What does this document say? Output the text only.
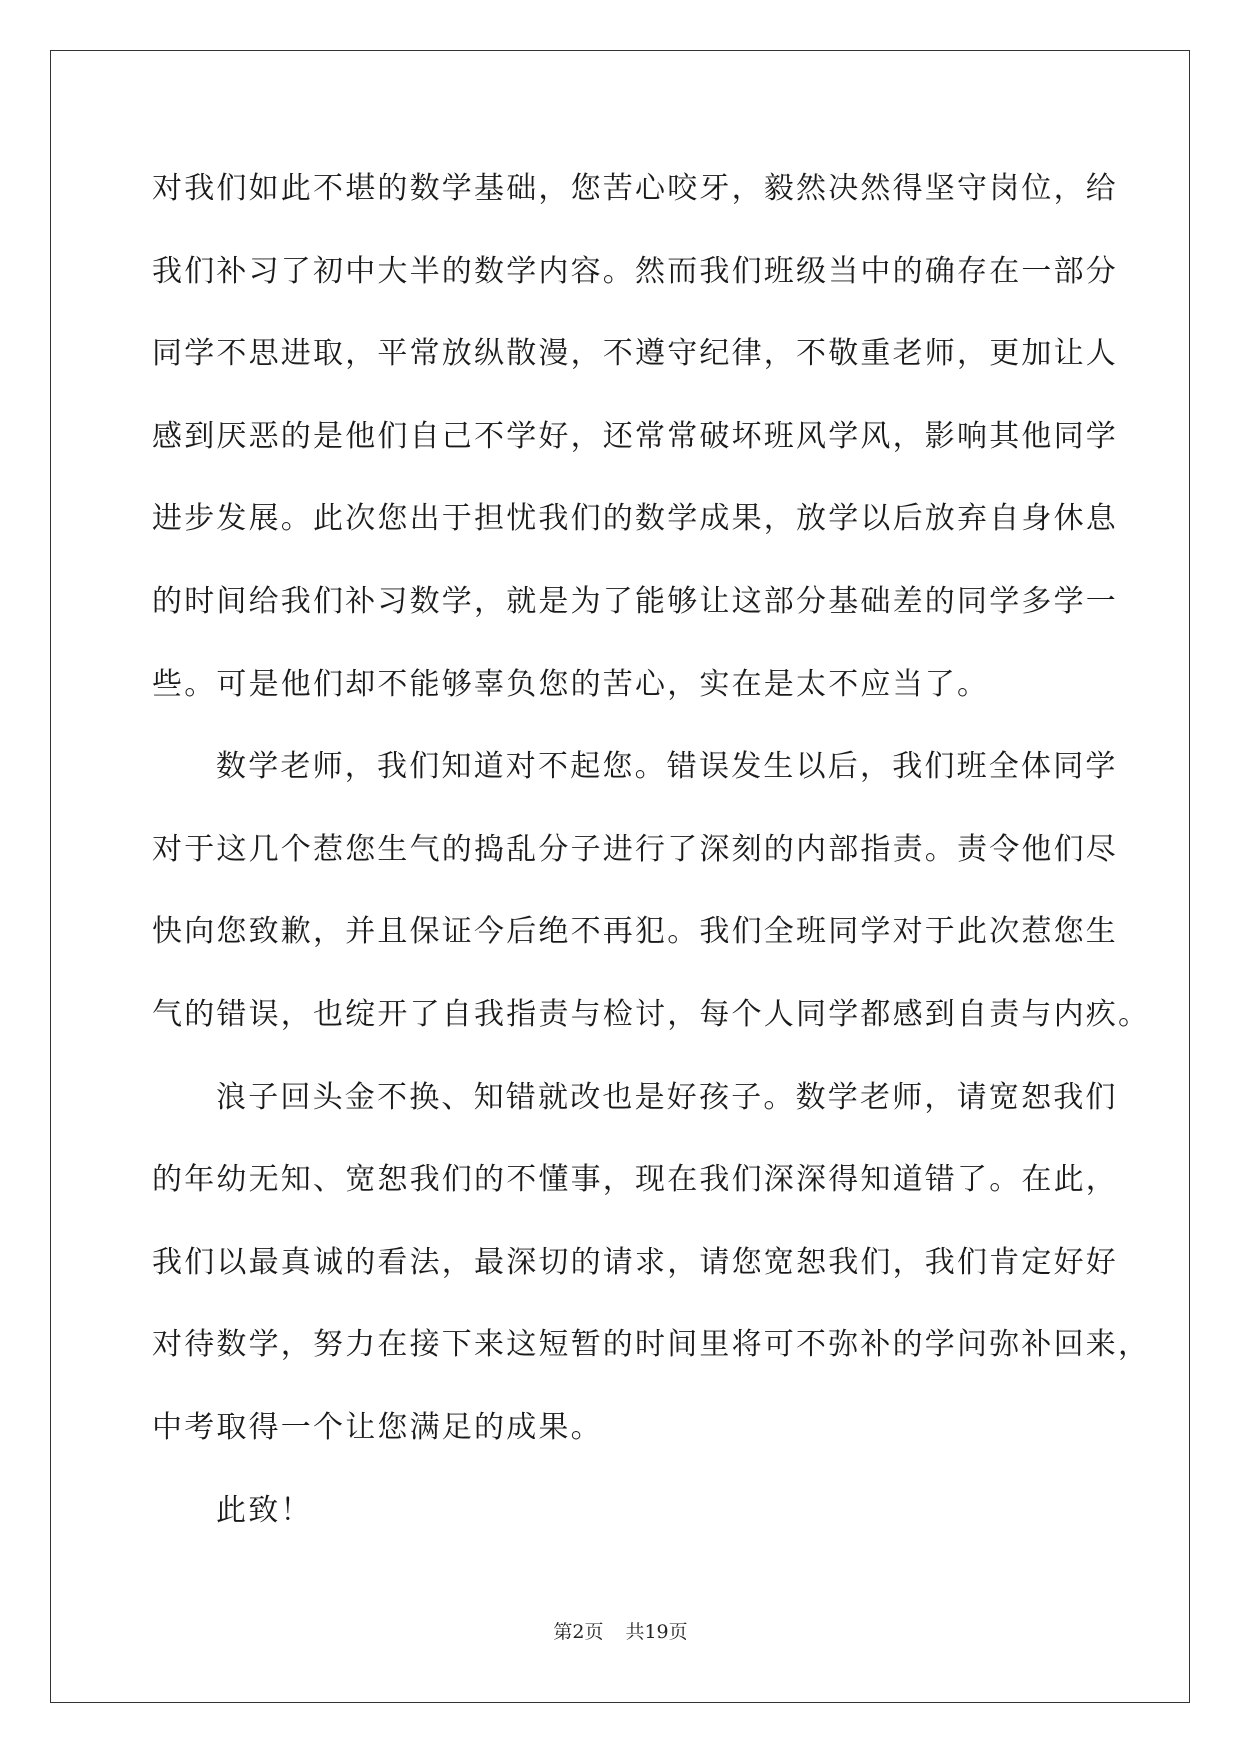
对我们如此不堪的数学基础，您苦心咬牙，毅然决然得坚守岗位，给
我们补习了初中大半的数学内容。然而我们班级当中的确存在一部分
同学不思进取，平常放纵散漫，不遵守纪律，不敬重老师，更加让人
感到厌恶的是他们自己不学好，还常常破坏班风学风，影响其他同学
进步发展。此次您出于担忧我们的数学成果，放学以后放弃自身休息
的时间给我们补习数学，就是为了能够让这部分基础差的同学多学一
些。可是他们却不能够辜负您的苦心，实在是太不应当了。
数学老师，我们知道对不起您。错误发生以后，我们班全体同学
对于这几个惹您生气的捣乱分子进行了深刻的内部指责。责令他们尽
快向您致歉，并且保证今后绝不再犯。我们全班同学对于此次惹您生
气的错误，也绽开了自我指责与检讨，每个人同学都感到自责与内疚。
浪子回头金不换、知错就改也是好孩子。数学老师，请宽恕我们
的年幼无知、宽恕我们的不懂事，现在我们深深得知道错了。在此，
我们以最真诚的看法，最深切的请求，请您宽恕我们，我们肯定好好
对待数学，努力在接下来这短暂的时间里将可不弥补的学问弥补回来，
中考取得一个让您满足的成果。
此致！
第2页 共19页
